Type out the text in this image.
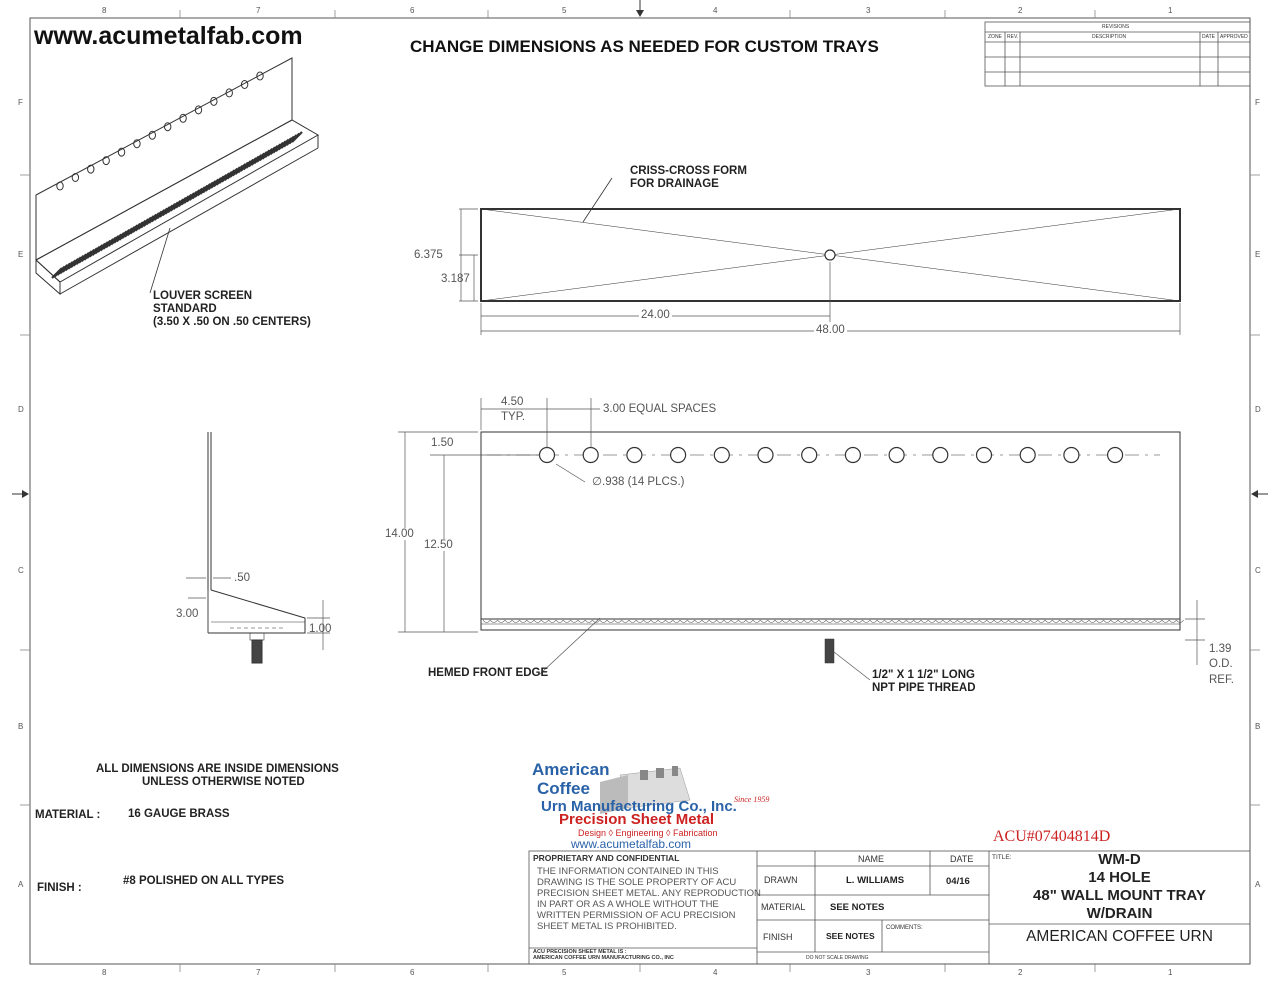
8	7	6	5	4	3	2	1
8	7	6	5	4	3	2	1
F
E
D
C
B
A
F
E
D
C
B
A
www.acumetalfab.com	CHANGE DIMENSIONS AS NEEDED FOR CUSTOM TRAYS
REVISIONS
ZONE REV.	DESCRIPTION	DATE APPROVED
LOUVER SCREEN
STANDARD
(3.50 X .50 ON .50 CENTERS)
CRISS-CROSS FORM
FOR DRAINAGE
6.375
3.187
24.00
48.00
4.50
TYP.
3.00 EQUAL SPACES
1.50
∅.938 (14 PLCS.)
14.00
12.50
HEMED FRONT EDGE	1/2" X 1 1/2" LONG
NPT PIPE THREAD
1.39
O.D.
REF.
.50
3.00
1.00
ALL DIMENSIONS ARE INSIDE DIMENSIONS
UNLESS OTHERWISE NOTED
MATERIAL : 16 GAUGE BRASS
FINISH :
#8 POLISHED ON ALL TYPES
American
Coffee
Urn Manufacturing Co., Inc.
Since 1959
Precision Sheet Metal
Design ◊ Engineering ◊ Fabrication
www.acumetalfab.com	ACU#07404814D
PROPRIETARY AND CONFIDENTIAL
THE INFORMATION CONTAINED IN THIS DRAWING IS THE SOLE PROPERTY OF ACU PRECISION SHEET METAL. ANY REPRODUCTION IN PART OR AS A WHOLE WITHOUT THE WRITTEN PERMISSION OF ACU PRECISION SHEET METAL IS PROHIBITED.
ACU PRECISION SHEET METAL IS :
AMERICAN COFFEE URN MANUFACTURING CO., INC
NAME	DATE
DRAWN	L. WILLIAMS	04/16
MATERIAL	SEE NOTES
FINISH	SEE NOTES
COMMENTS:
DO NOT SCALE DRAWING
TITLE:	WM-D
14 HOLE
48" WALL MOUNT TRAY
W/DRAIN
AMERICAN COFFEE URN
